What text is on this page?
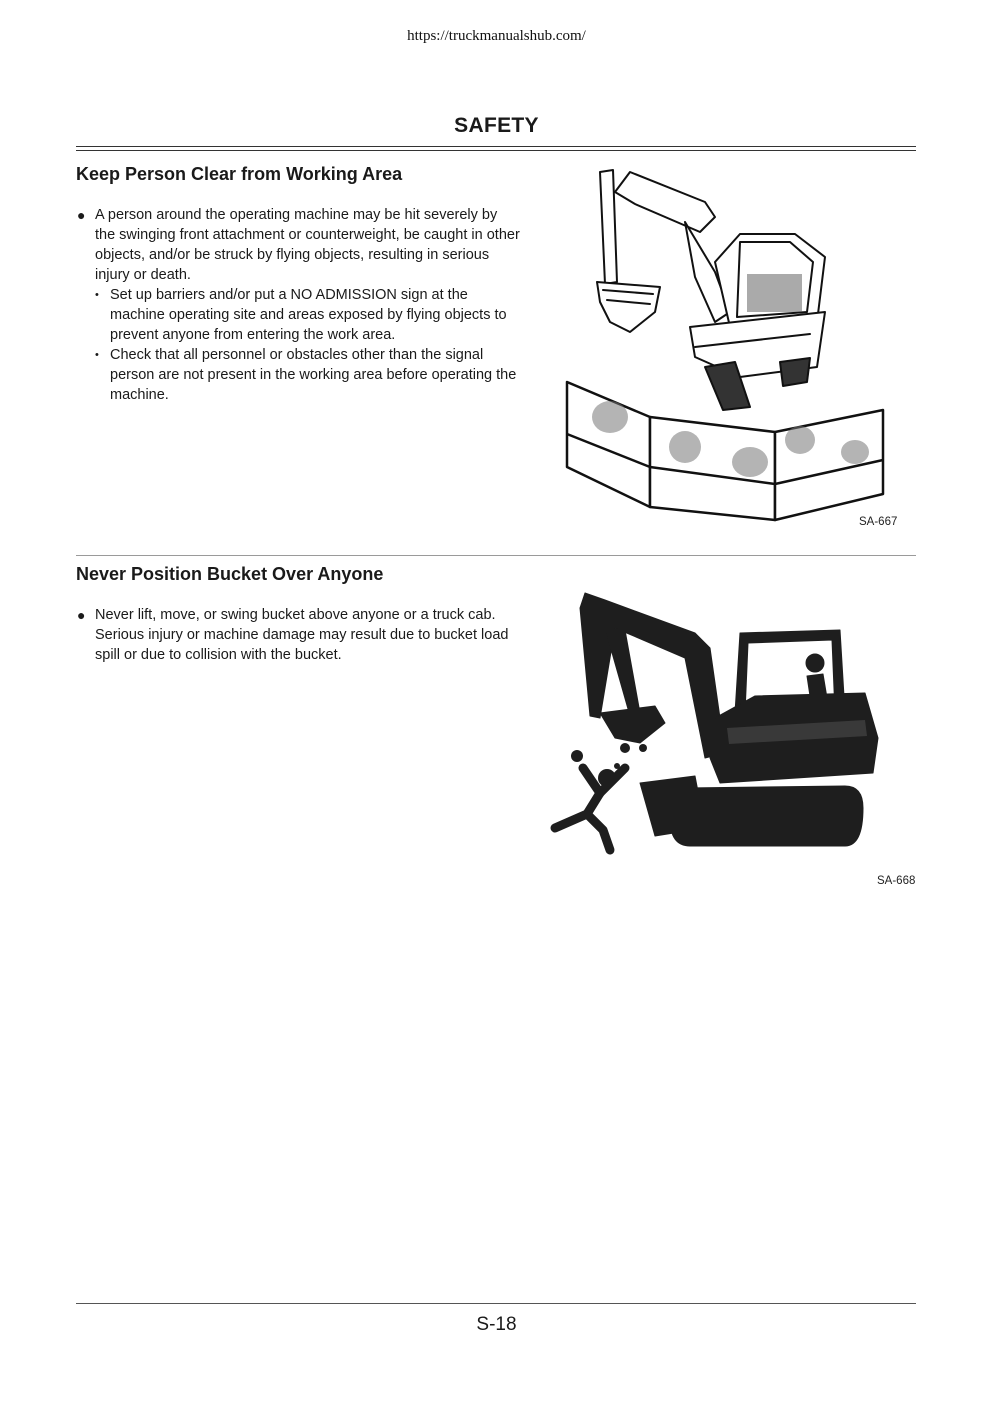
https://truckmanualshub.com/
SAFETY
Keep Person Clear from Working Area
● A person around the operating machine may be hit severely by the swinging front attachment or counterweight, be caught in other objects, and/or be struck by flying objects, resulting in serious injury or death.
• Set up barriers and/or put a NO ADMISSION sign at the machine operating site and areas exposed by flying objects to prevent anyone from entering the work area.
• Check that all personnel or obstacles other than the signal person are not present in the working area before operating the machine.
SA-667
Never Position Bucket Over Anyone
● Never lift, move, or swing bucket above anyone or a truck cab.
Serious injury or machine damage may result due to bucket load spill or due to collision with the bucket.
SA-668
S-18
